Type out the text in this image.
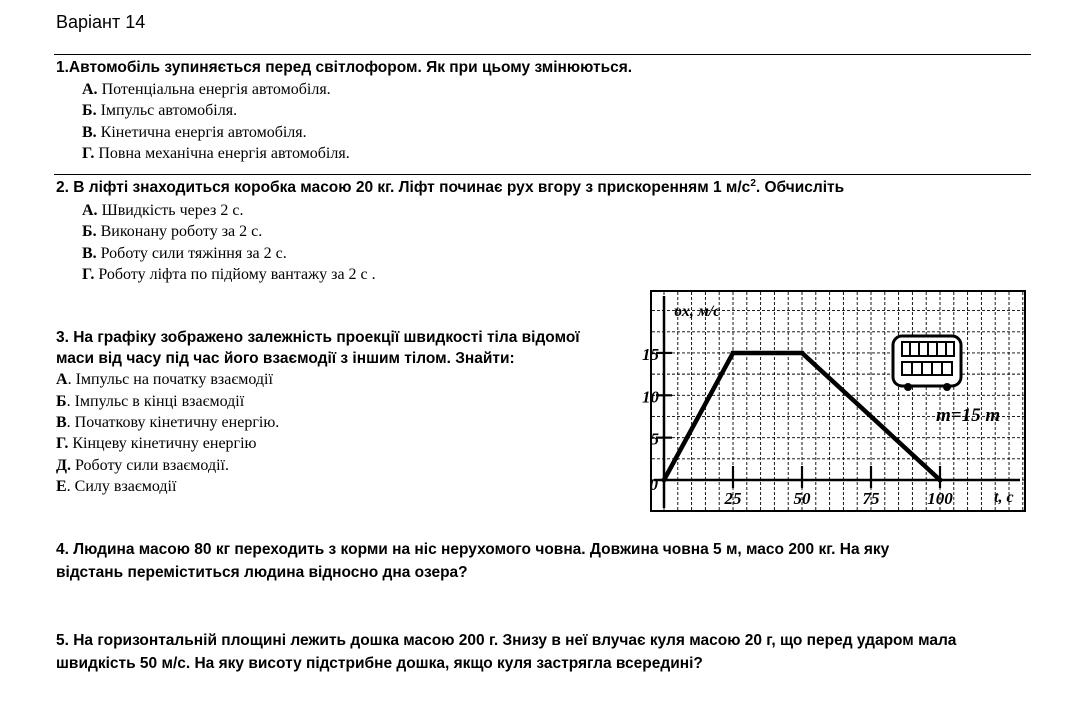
Варіант 14
1.Автомобіль зупиняється перед світлофором. Як при цьому змінюються.
А. Потенціальна енергія автомобіля.
Б. Імпульс автомобіля.
В. Кінетична енергія автомобіля.
Г. Повна механічна енергія автомобіля.
2. В ліфті знаходиться коробка масою 20 кг. Ліфт починає рух вгору з прискоренням 1 $м/с^2$. Обчисліть
А. Швидкість через 2 с.
Б. Виконану роботу за 2 с.
В. Роботу сили тяжіння за 2 с.
Г. Роботу ліфта по підйому вантажу за 2 с .
3. На графіку зображено залежність проекції швидкості тіла відомої
маси від часу під час його взаємодії з іншим тілом. Знайти:
А. Імпульс на початку взаємодії
Б. Імпульс в кінці взаємодії
В. Початкову кінетичну енергію.
Г. Кінцеву кінетичну енергію
Д. Роботу сили взаємодії.
Е. Силу взаємодії
25	50	75	100
5
10
15
0
υx, м/с
t, c
m=15 т
4. Людина масою 80 кг переходить з корми на ніс нерухомого човна. Довжина човна 5 м, масо 200 кг. На яку
відстань переміститься людина відносно дна озера?
5. На горизонтальній площині лежить дошка масою 200 г. Знизу в неї влучає куля масою 20 г, що перед ударом мала
швидкість 50 м/с. На яку висоту підстрибне дошка, якщо куля застрягла всередині?
